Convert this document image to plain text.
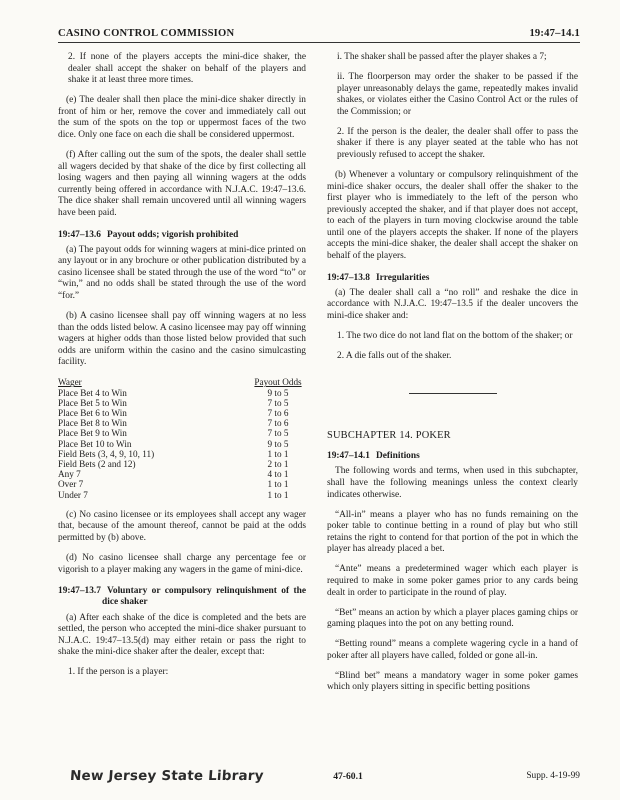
CASINO CONTROL COMMISSION	19:47–14.1

2. If none of the players accepts the mini-dice shaker, the dealer shall accept the shaker on behalf of the players and shake it at least three more times.

(e) The dealer shall then place the mini-dice shaker directly in front of him or her, remove the cover and immediately call out the sum of the spots on the top or uppermost faces of the two dice. Only one face on each die shall be considered uppermost.

(f) After calling out the sum of the spots, the dealer shall settle all wagers decided by that shake of the dice by first collecting all losing wagers and then paying all winning wagers at the odds currently being offered in accordance with N.J.A.C. 19:47–13.6. The dice shaker shall remain uncovered until all winning wagers have been paid.

19:47–13.6 Payout odds; vigorish prohibited

(a) The payout odds for winning wagers at mini-dice printed on any layout or in any brochure or other publication distributed by a casino licensee shall be stated through the use of the word “to” or “win,” and no odds shall be stated through the use of the word “for.”

(b) A casino licensee shall pay off winning wagers at no less than the odds listed below. A casino licensee may pay off winning wagers at higher odds than those listed below provided that such odds are uniform within the casino and the casino simulcasting facility.

Wager	Payout Odds
Place Bet 4 to Win	9 to 5
Place Bet 5 to Win	7 to 5
Place Bet 6 to Win	7 to 6
Place Bet 8 to Win	7 to 6
Place Bet 9 to Win	7 to 5
Place Bet 10 to Win	9 to 5
Field Bets (3, 4, 9, 10, 11)	1 to 1
Field Bets (2 and 12)	2 to 1
Any 7	4 to 1
Over 7	1 to 1
Under 7	1 to 1

(c) No casino licensee or its employees shall accept any wager that, because of the amount thereof, cannot be paid at the odds permitted by (b) above.

(d) No casino licensee shall charge any percentage fee or vigorish to a player making any wagers in the game of mini-dice.

19:47–13.7 Voluntary or compulsory relinquishment of the dice shaker

(a) After each shake of the dice is completed and the bets are settled, the person who accepted the mini-dice shaker pursuant to N.J.A.C. 19:47–13.5(d) may either retain or pass the right to shake the mini-dice shaker after the dealer, except that:

1. If the person is a player:

i. The shaker shall be passed after the player shakes a 7;

ii. The floorperson may order the shaker to be passed if the player unreasonably delays the game, repeatedly makes invalid shakes, or violates either the Casino Control Act or the rules of the Commission; or

2. If the person is the dealer, the dealer shall offer to pass the shaker if there is any player seated at the table who has not previously refused to accept the shaker.

(b) Whenever a voluntary or compulsory relinquishment of the mini-dice shaker occurs, the dealer shall offer the shaker to the first player who is immediately to the left of the person who previously accepted the shaker, and if that player does not accept, to each of the players in turn moving clockwise around the table until one of the players accepts the shaker. If none of the players accepts the mini-dice shaker, the dealer shall accept the shaker on behalf of the players.

19:47–13.8 Irregularities

(a) The dealer shall call a “no roll” and reshake the dice in accordance with N.J.A.C. 19:47–13.5 if the dealer uncovers the mini-dice shaker and:

1. The two dice do not land flat on the bottom of the shaker; or

2. A die falls out of the shaker.

SUBCHAPTER 14. POKER

19:47–14.1 Definitions

The following words and terms, when used in this subchapter, shall have the following meanings unless the context clearly indicates otherwise.

“All-in” means a player who has no funds remaining on the poker table to continue betting in a round of play but who still retains the right to contend for that portion of the pot in which the player has already placed a bet.

“Ante” means a predetermined wager which each player is required to make in some poker games prior to any cards being dealt in order to participate in the round of play.

“Bet” means an action by which a player places gaming chips or gaming plaques into the pot on any betting round.

“Betting round” means a complete wagering cycle in a hand of poker after all players have called, folded or gone all-in.

“Blind bet” means a mandatory wager in some poker games which only players sitting in specific betting positions

New Jersey State Library	47-60.1	Supp. 4-19-99
